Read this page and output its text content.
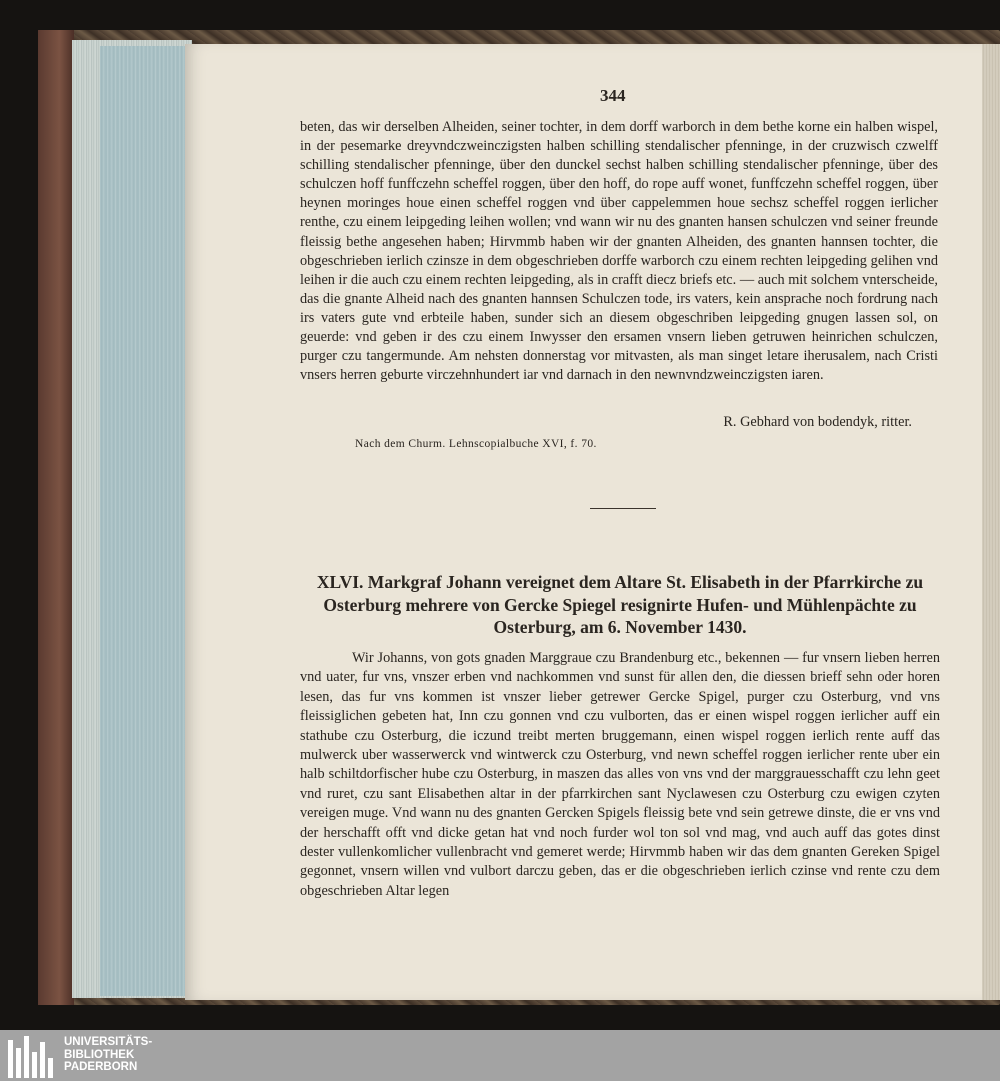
344
beten, das wir derselben Alheiden, seiner tochter, in dem dorff warborch in dem bethe korne ein halben wispel, in der pesemarke dreyvndczweinczigsten halben schilling stendalischer pfenninge, in der cruzwisch czwelff schilling stendalischer pfenninge, über den dunckel sechst halben schilling stendalischer pfenninge, über des schulczen hoff funffczehn scheffel roggen, über den hoff, do rope auff wonet, funffczehn scheffel roggen, über heynen moringes houe einen scheffel roggen vnd über cappelemmen houe sechsz scheffel roggen ierlicher renthe, czu einem leipgeding leihen wollen; vnd wann wir nu des gnanten hansen schulczen vnd seiner freunde fleissig bethe angesehen haben; Hirvmmb haben wir der gnanten Alheiden, des gnanten hannsen tochter, die obgeschrieben ierlich czinsze in dem obgeschrieben dorffe warborch czu einem rechten leipgeding gelihen vnd leihen ir die auch czu einem rechten leipgeding, als in crafft diecz briefs etc. — auch mit solchem vnterscheide, das die gnante Alheid nach des gnanten hannsen Schulczen tode, irs vaters, kein ansprache noch fordrung nach irs vaters gute vnd erbteile haben, sunder sich an diesem obgeschriben leipgeding gnugen lassen sol, on geuerde: vnd geben ir des czu einem Inwysser den ersamen vnsern lieben getruwen heinrichen schulczen, purger czu tangermunde. Am nehsten donnerstag vor mitvasten, als man singet letare iherusalem, nach Cristi vnsers herren geburte virczehnhundert iar vnd darnach in den newnvndzweinczigsten iaren.
R. Gebhard von bodendyk, ritter.
Nach dem Churm. Lehnscopialbuche XVI, f. 70.
XLVI. Markgraf Johann vereignet dem Altare St. Elisabeth in der Pfarrkirche zu Osterburg mehrere von Gercke Spiegel resignirte Hufen- und Mühlenpächte zu Osterburg, am 6. November 1430.
Wir Johanns, von gots gnaden Marggraue czu Brandenburg etc., bekennen — fur vnsern lieben herren vnd uater, fur vns, vnszer erben vnd nachkommen vnd sunst für allen den, die diessen brieff sehn oder horen lesen, das fur vns kommen ist vnszer lieber getrewer Gercke Spigel, purger czu Osterburg, vnd vns fleissiglichen gebeten hat, Inn czu gonnen vnd czu vulborten, das er einen wispel roggen ierlicher auff ein stathube czu Osterburg, die iczund treibt merten bruggemann, einen wispel roggen ierlich rente auff das mulwerck uber wasserwerck vnd wintwerck czu Osterburg, vnd newn scheffel roggen ierlicher rente uber ein halb schiltdorfischer hube czu Osterburg, in maszen das alles von vns vnd der marggrauesschafft czu lehn geet vnd ruret, czu sant Elisabethen altar in der pfarrkirchen sant Nyclawesen czu Osterburg czu ewigen czyten vereigen muge. Vnd wann nu des gnanten Gercken Spigels fleissig bete vnd sein getrewe dinste, die er vns vnd der herschafft offt vnd dicke getan hat vnd noch furder wol ton sol vnd mag, vnd auch auff das gotes dinst dester vullenkomlicher vullenbracht vnd gemeret werde; Hirvmmb haben wir das dem gnanten Gereken Spigel gegonnet, vnsern willen vnd vulbort darczu geben, das er die obgeschrieben ierlich czinse vnd rente czu dem obgeschrieben Altar legen
UNIVERSITÄTS-
BIBLIOTHEK
PADERBORN
